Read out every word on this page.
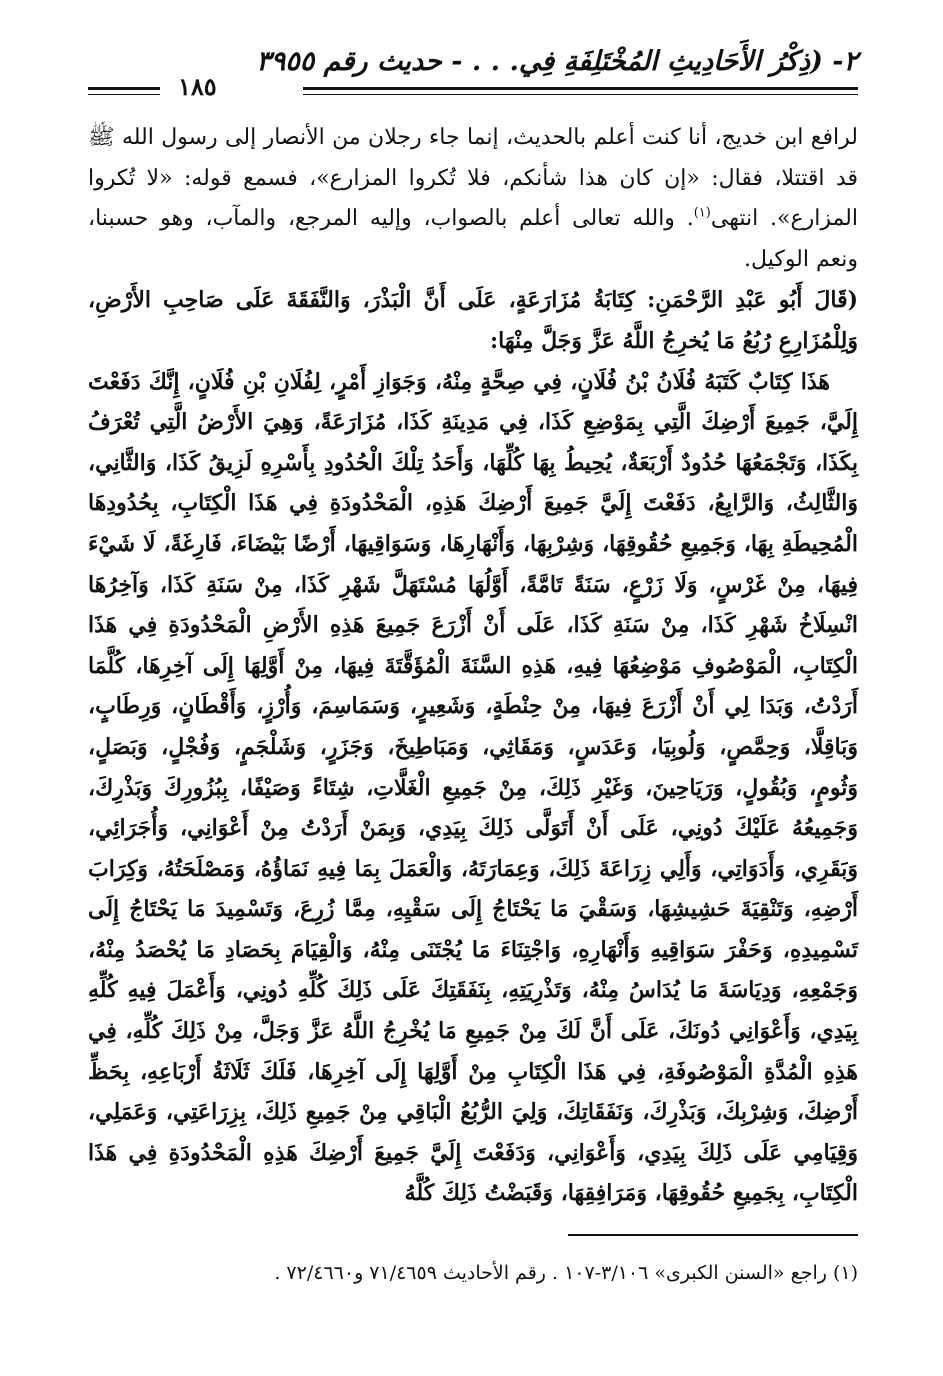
٢- (ذِكْرُ الأَحَادِيثِ المُخْتَلِفَةِ فِي. . . - حديث رقم ٣٩٥٥
١٨٥

لرافع ابن خديج، أنا كنت أعلم بالحديث، إنما جاء رجلان من الأنصار إلى رسول الله ﷺ قد اقتتلا، فقال: «إن كان هذا شأنكم، فلا تُكروا المزارع»، فسمع قوله: «لا تُكروا المزارع». انتهى$^{(١)}$. والله تعالى أعلم بالصواب، وإليه المرجع، والمآب، وهو حسبنا، ونعم الوكيل.

(قَالَ أَبُو عَبْدِ الرَّحْمَنِ: كِتَابَةُ مُزَارَعَةٍ، عَلَى أَنَّ الْبَذْرَ، وَالنَّفَقَةَ عَلَى صَاحِبِ الأَرْضِ، وَلِلْمُزَارِعِ رُبُعُ مَا يُخرِجُ اللَّهُ عَزَّ وَجَلَّ مِنْهَا:

هَذَا كِتَابٌ كَتَبَهُ فُلَانُ بْنُ فُلَانٍ، فِي صِحَّةٍ مِنْهُ، وَجَوَازِ أَمْرٍ، لِفُلَانِ بْنِ فُلَانٍ، إِنَّكَ دَفَعْتَ إِلَيَّ، جَمِيعَ أَرْضِكَ الَّتِي بِمَوْضِعِ كَذَا، فِي مَدِينَةِ كَذَا، مُزَارَعَةً، وَهِيَ الأَرْضُ الَّتِي تُعْرَفُ بِكَذَا، وَتَجْمَعُهَا حُدُودٌ أَرْبَعَةٌ، يُحِيطُ بِهَا كُلِّهَا، وَأَحَدُ تِلْكَ الْحُدُودِ بِأَسْرِهِ لَزِيقُ كَذَا، وَالثَّانِي، وَالثَّالِثُ، وَالرَّابِعُ، دَفَعْتَ إِلَيَّ جَمِيعَ أَرْضِكَ هَذِهِ، الْمَحْدُودَةِ فِي هَذَا الْكِتَابِ، بِحُدُودِهَا الْمُحِيطَةِ بِهَا، وَجَمِيعِ حُقُوقِهَا، وَشِرْبِهَا، وَأَنْهَارِهَا، وَسَوَاقِيهَا، أَرْضًا بَيْضَاءَ، فَارِغَةً، لَا شَيْءَ فِيهَا، مِنْ غَرْسٍ، وَلَا زَرْعٍ، سَنَةً تَامَّةً، أَوَّلُهَا مُسْتَهَلَّ شَهْرِ كَذَا، مِنْ سَنَةِ كَذَا، وَآخِرُهَا انْسِلَاخُ شَهْرِ كَذَا، مِنْ سَنَةِ كَذَا، عَلَى أَنْ أَزْرَعَ جَمِيعَ هَذِهِ الأَرْضِ الْمَحْدُودَةِ فِي هَذَا الْكِتَابِ، الْمَوْصُوفِ مَوْضِعُهَا فِيهِ، هَذِهِ السَّنَةَ الْمُؤَقَّتَةَ فِيهَا، مِنْ أَوَّلِهَا إِلَى آخِرِهَا، كُلَّمَا أَرَدْتُ، وَبَدَا لِي أَنْ أَزْرَعَ فِيهَا، مِنْ حِنْطَةٍ، وَشَعِيرٍ، وَسَمَاسِمَ، وَأُرْزٍ، وَأَقْطَانٍ، وَرِطَابٍ، وَبَاقِلَّا، وَحِمَّصٍ، وَلُوبِيَا، وَعَدَسٍ، وَمَقَاثِي، وَمَبَاطِيخَ، وَجَزَرٍ، وَشَلْجَمٍ، وَفُجْلٍ، وَبَصَلٍ، وَثُومٍ، وَبُقُولٍ، وَرَيَاحِينَ، وَغَيْرِ ذَلِكَ، مِنْ جَمِيعِ الْغَلَّاتِ، شِتَاءً وَصَيْفًا، بِبُزُورِكَ وَبَذْرِكَ، وَجَمِيعُهُ عَلَيْكَ دُونِي، عَلَى أَنْ أَتَوَلَّى ذَلِكَ بِيَدِي، وَبِمَنْ أَرَدْتُ مِنْ أَعْوَانِي، وَأُجَرَائِي، وَبَقَرِي، وَأَدَوَاتِي، وَأَلِي زِرَاعَةَ ذَلِكَ، وَعِمَارَتَهُ، وَالْعَمَلَ بِمَا فِيهِ نَمَاؤُهُ، وَمَصْلَحَتُهُ، وَكِرَابَ أَرْضِهِ، وَتَنْقِيَةَ حَشِيشِهَا، وَسَقْيَ مَا يَحْتَاجُ إِلَى سَقْيِهِ، مِمَّا زُرِعَ، وَتَسْمِيدَ مَا يَحْتَاجُ إِلَى تَسْمِيدِهِ، وَحَفْرَ سَوَاقِيهِ وَأَنْهَارِهِ، وَاجْتِنَاءَ مَا يُجْتَنَى مِنْهُ، وَالْقِيَامَ بِحَصَادِ مَا يُحْصَدُ مِنْهُ، وَجَمْعِهِ، وَدِيَاسَةَ مَا يُدَاسُ مِنْهُ، وَتَذْرِيَتِهِ، بِنَفَقَتِكَ عَلَى ذَلِكَ كُلِّهِ دُونِي، وَأَعْمَلَ فِيهِ كُلِّهِ بِيَدِي، وَأَعْوَانِي دُونَكَ، عَلَى أَنَّ لَكَ مِنْ جَمِيعِ مَا يُخْرِجُ اللَّهُ عَزَّ وَجَلَّ، مِنْ ذَلِكَ كُلِّهِ، فِي هَذِهِ الْمُدَّةِ الْمَوْصُوفَةِ، فِي هَذَا الْكِتَابِ مِنْ أَوَّلِهَا إِلَى آخِرِهَا، فَلَكَ ثَلَاثَةُ أَرْبَاعِهِ، بِحَظِّ أَرْضِكَ، وَشِرْبِكَ، وَبَذْرِكَ، وَنَفَقَاتِكَ، وَلِيَ الرُّبُعُ الْبَاقِي مِنْ جَمِيعِ ذَلِكَ، بِزِرَاعَتِي، وَعَمَلِي، وَقِيَامِي عَلَى ذَلِكَ بِيَدِي، وَأَعْوَانِي، وَدَفَعْتَ إِلَيَّ جَمِيعَ أَرْضِكَ هَذِهِ الْمَحْدُودَةِ فِي هَذَا الْكِتَابِ، بِجَمِيعِ حُقُوقِهَا، وَمَرَافِقِهَا، وَقَبَضْتُ ذَلِكَ كُلَّهُ

(١) راجع «السنن الكبرى» ٣/١٠٦-١٠٧ . رقم الأحاديث ٧١/٤٦٥٩ و٧٢/٤٦٦٠ .
